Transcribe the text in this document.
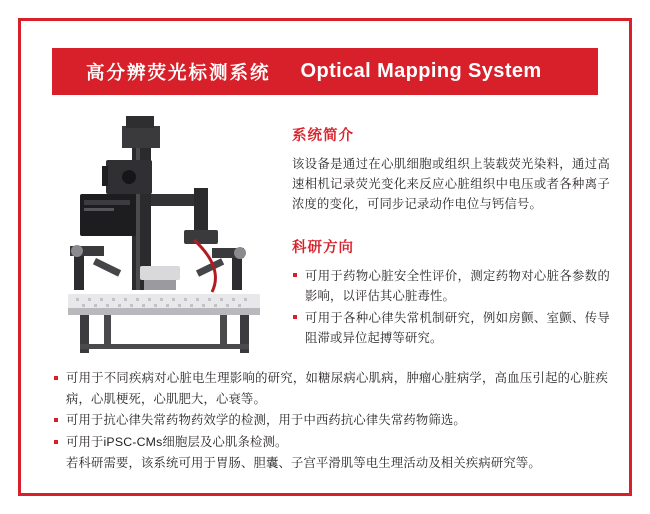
高分辨荧光标测系统 Optical Mapping System
系统简介

该设备是通过在心肌细胞或组织上装载荧光染料，通过高速相机记录荧光变化来反应心脏组织中电压或者各种离子浓度的变化，可同步记录动作电位与钙信号。

科研方向
可用于药物心脏安全性评价，测定药物对心脏各参数的影响，以评估其心脏毒性。
可用于各种心律失常机制研究，例如房颤、室颤、传导阻滞或异位起搏等研究。
可用于不同疾病对心脏电生理影响的研究，如糖尿病心肌病，肿瘤心脏病学，高血压引起的心脏疾病，心肌梗死，心肌肥大，心衰等。
可用于抗心律失常药物药效学的检测，用于中西药抗心律失常药物筛选。
可用于iPSC-CMs细胞层及心肌条检测。

若科研需要，该系统可用于胃肠、胆囊、子宫平滑肌等电生理活动及相关疾病研究等。
